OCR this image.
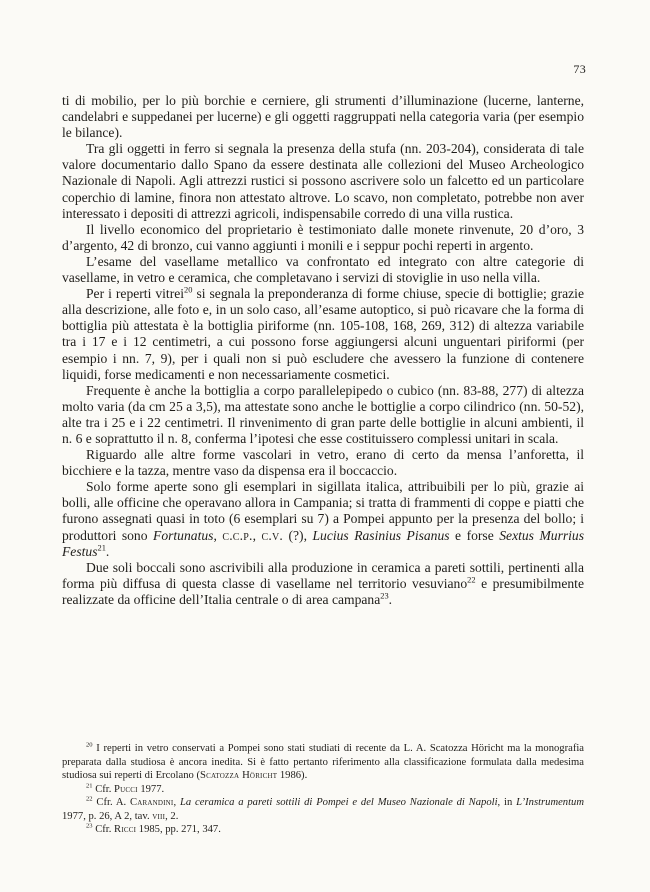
73

ti di mobilio, per lo più borchie e cerniere, gli strumenti d’illuminazione (lucerne, lanterne, candelabri e suppedanei per lucerne) e gli oggetti raggruppati nella categoria varia (per esempio le bilance).

Tra gli oggetti in ferro si segnala la presenza della stufa (nn. 203-204), considerata di tale valore documentario dallo Spano da essere destinata alle collezioni del Museo Archeologico Nazionale di Napoli. Agli attrezzi rustici si possono ascrivere solo un falcetto ed un particolare coperchio di lamine, finora non attestato altrove. Lo scavo, non completato, potrebbe non aver interessato i depositi di attrezzi agricoli, indispensabile corredo di una villa rustica.

Il livello economico del proprietario è testimoniato dalle monete rinvenute, 20 d’oro, 3 d’argento, 42 di bronzo, cui vanno aggiunti i monili e i seppur pochi reperti in argento.

L’esame del vasellame metallico va confrontato ed integrato con altre categorie di vasellame, in vetro e ceramica, che completavano i servizi di stoviglie in uso nella villa.

Per i reperti vitrei$^{20}$ si segnala la preponderanza di forme chiuse, specie di bottiglie; grazie alla descrizione, alle foto e, in un solo caso, all’esame autoptico, si può ricavare che la forma di bottiglia più attestata è la bottiglia piriforme (nn. 105-108, 168, 269, 312) di altezza variabile tra i 17 e i 12 centimetri, a cui possono forse aggiungersi alcuni unguentari piriformi (per esempio i nn. 7, 9), per i quali non si può escludere che avessero la funzione di contenere liquidi, forse medicamenti e non necessariamente cosmetici.

Frequente è anche la bottiglia a corpo parallelepipedo o cubico (nn. 83-88, 277) di altezza molto varia (da cm 25 a 3,5), ma attestate sono anche le bottiglie a corpo cilindrico (nn. 50-52), alte tra i 25 e i 22 centimetri. Il rinvenimento di gran parte delle bottiglie in alcuni ambienti, il n. 6 e soprattutto il n. 8, conferma l’ipotesi che esse costituissero complessi unitari in scala.

Riguardo alle altre forme vascolari in vetro, erano di certo da mensa l’anforetta, il bicchiere e la tazza, mentre vaso da dispensa era il boccaccio.

Solo forme aperte sono gli esemplari in sigillata italica, attribuibili per lo più, grazie ai bolli, alle officine che operavano allora in Campania; si tratta di frammenti di coppe e piatti che furono assegnati quasi in toto (6 esemplari su 7) a Pompei appunto per la presenza del bollo; i produttori sono Fortunatus, c.c.p., c.v. (?), Lucius Rasinius Pisanus e forse Sextus Murrius Festus$^{21}$.

Due soli boccali sono ascrivibili alla produzione in ceramica a pareti sottili, pertinenti alla forma più diffusa di questa classe di vasellame nel territorio vesuviano$^{22}$ e presumibilmente realizzate da officine dell’Italia centrale o di area campana$^{23}$.

$^{20}$ I reperti in vetro conservati a Pompei sono stati studiati di recente da L. A. Scatozza Höricht ma la monografia preparata dalla studiosa è ancora inedita. Si è fatto pertanto riferimento alla classificazione formulata dalla medesima studiosa sui reperti di Ercolano (Scatozza Höricht 1986).

$^{21}$ Cfr. Pucci 1977.

$^{22}$ Cfr. A. Carandini, La ceramica a pareti sottili di Pompei e del Museo Nazionale di Napoli, in L’Instrumentum 1977, p. 26, A 2, tav. viii, 2.

$^{23}$ Cfr. Ricci 1985, pp. 271, 347.
